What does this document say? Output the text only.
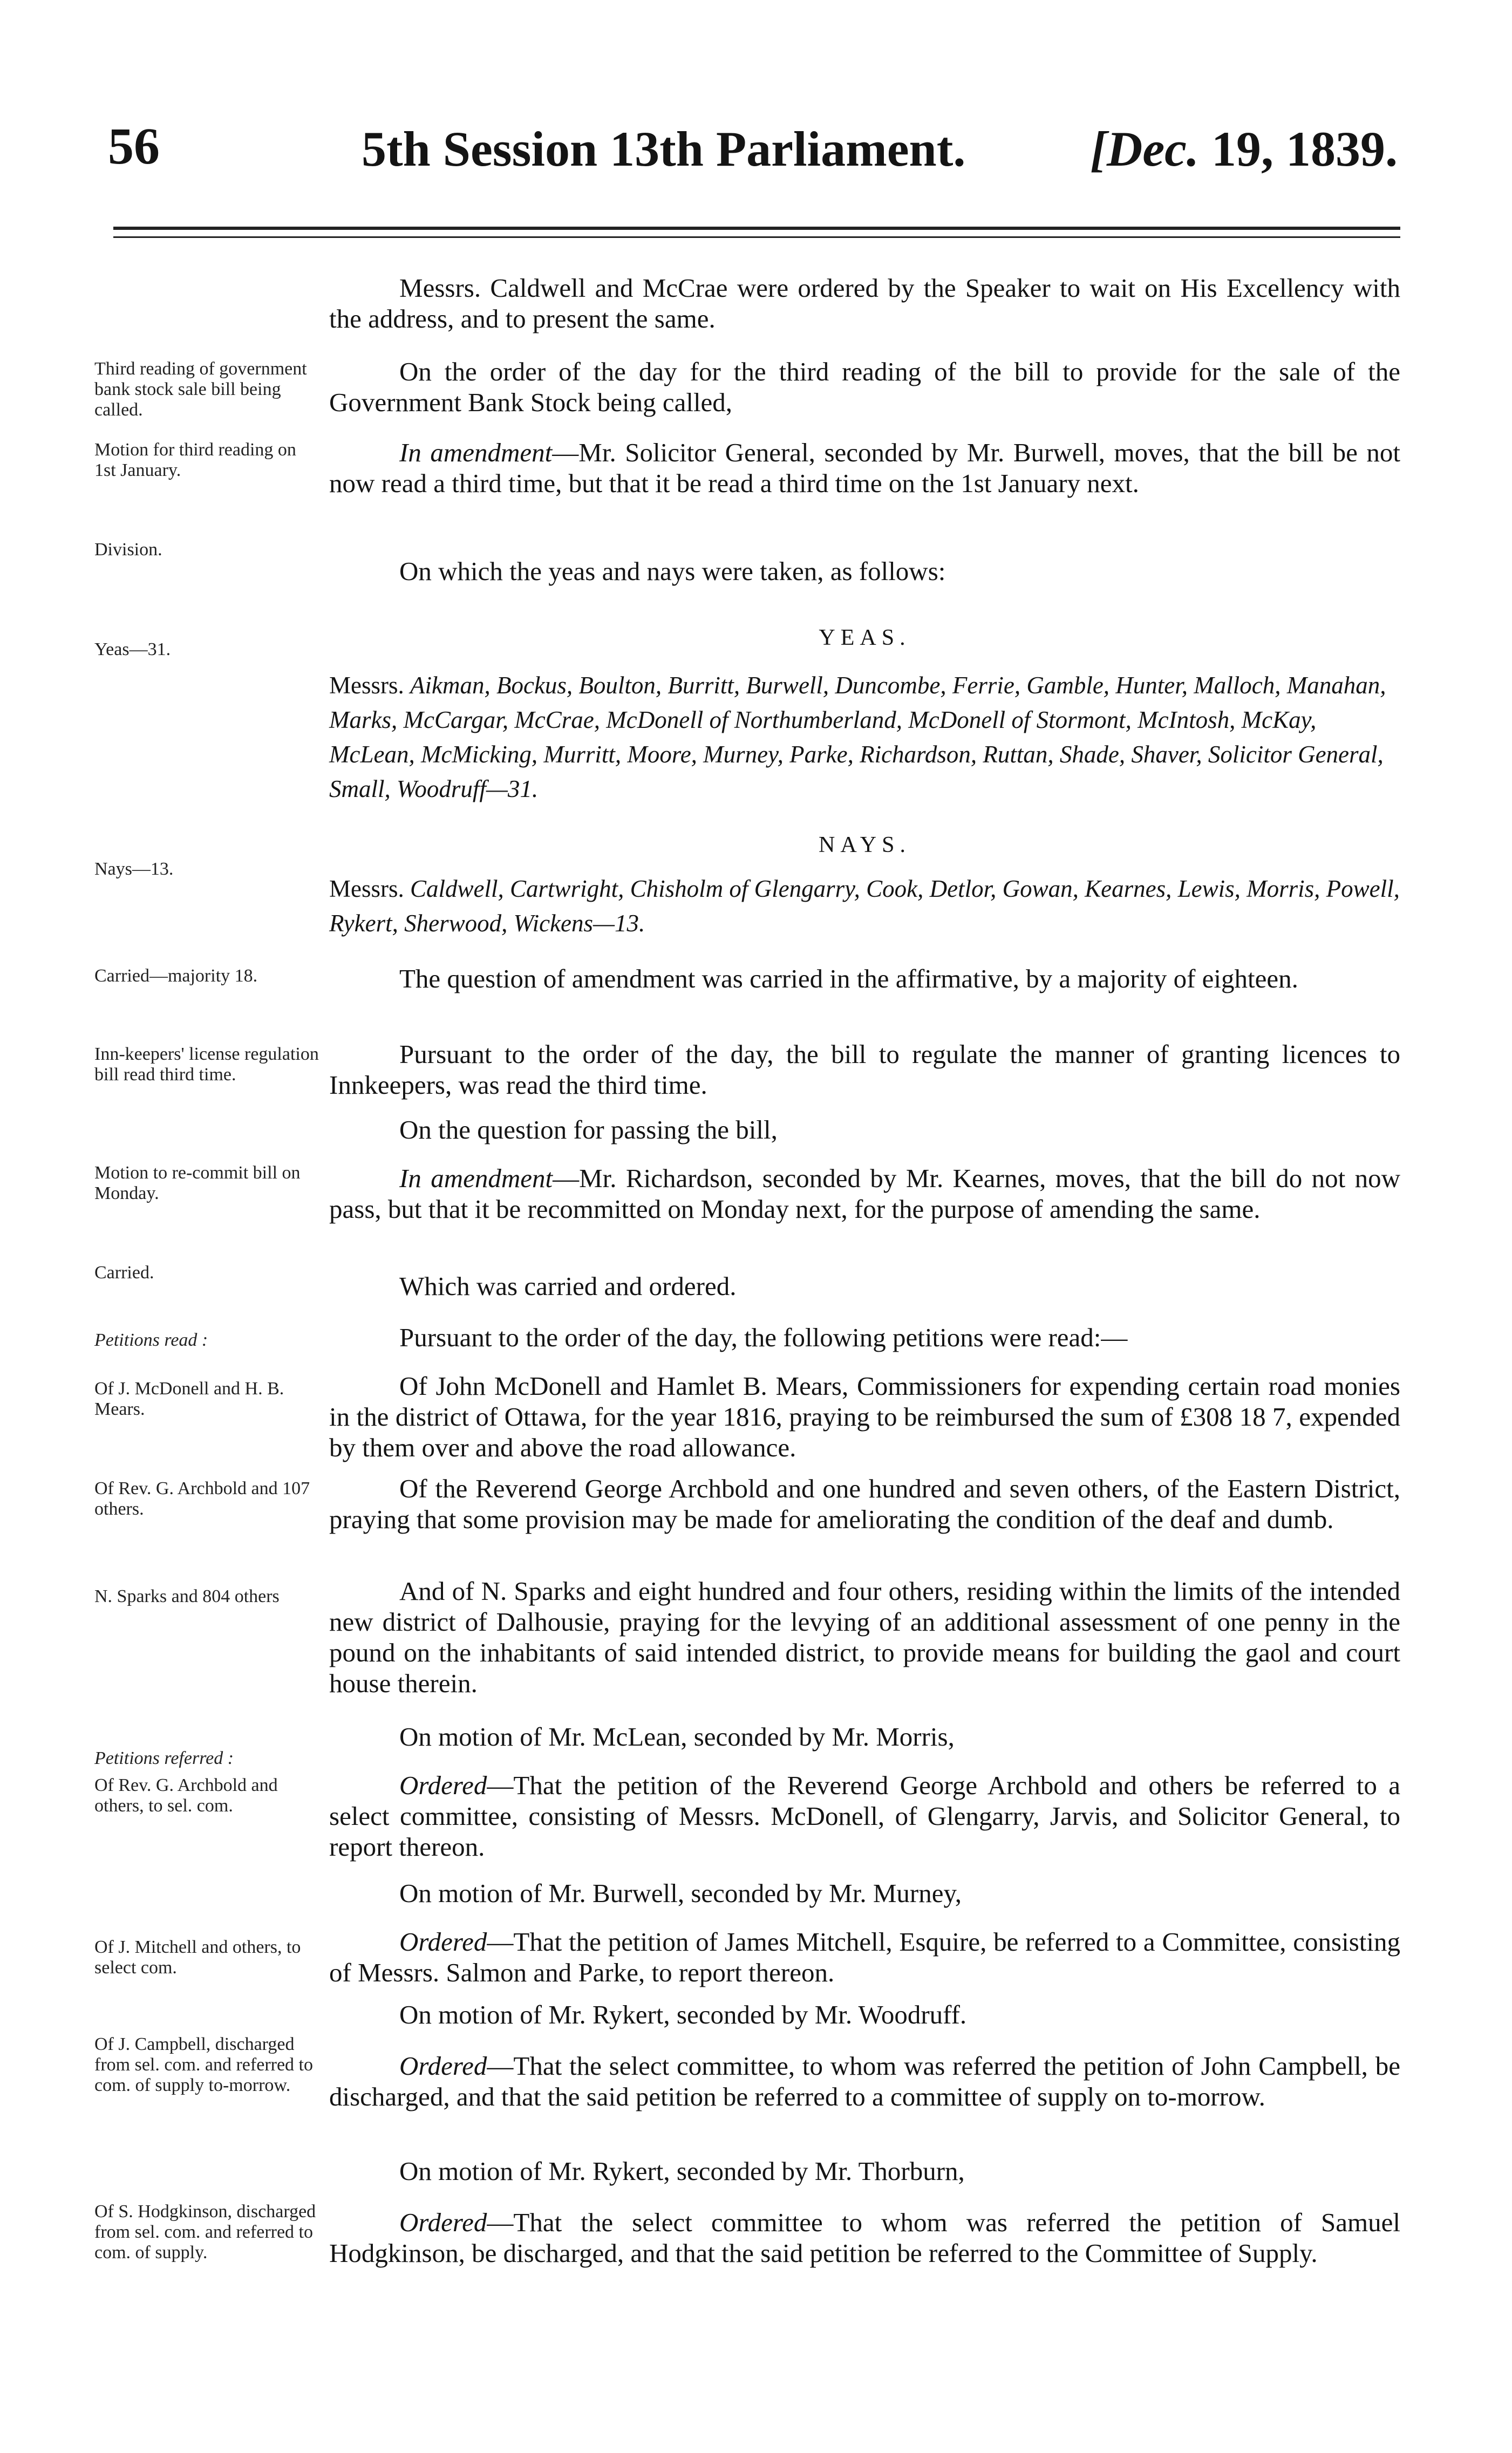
56	5th Session 13th Parliament.	[Dec. 19, 1839.
Messrs. Caldwell and McCrae were ordered by the Speaker to wait on His Excellency with the address, and to present the same.
Third reading of government bank stock sale bill being called.
On the order of the day for the third reading of the bill to provide for the sale of the Government Bank Stock being called,
Motion for third reading on 1st January.
In amendment—Mr. Solicitor General, seconded by Mr. Burwell, moves, that the bill be not now read a third time, but that it be read a third time on the 1st January next.
Division.
On which the yeas and nays were taken, as follows:
YEAS.
Yeas—31.
Messrs. Aikman, Bockus, Boulton, Burritt, Burwell, Duncombe, Ferrie, Gamble, Hunter, Malloch, Manahan, Marks, McCargar, McCrae, McDonell of Northumberland, McDonell of Stormont, McIntosh, McKay, McLean, McMicking, Murritt, Moore, Murney, Parke, Richardson, Ruttan, Shade, Shaver, Solicitor General, Small, Woodruff—31.
NAYS.
Nays—13.
Messrs. Caldwell, Cartwright, Chisholm of Glengarry, Cook, Detlor, Gowan, Kearnes, Lewis, Morris, Powell, Rykert, Sherwood, Wickens—13.
Carried—majority 18.	The question of amendment was carried in the affirmative, by a majority of eighteen.
Inn-keepers' license regulation bill read third time.
Pursuant to the order of the day, the bill to regulate the manner of granting licences to Innkeepers, was read the third time.
On the question for passing the bill,
Motion to re-commit bill on Monday.
In amendment—Mr. Richardson, seconded by Mr. Kearnes, moves, that the bill do not now pass, but that it be recommitted on Monday next, for the purpose of amending the same.
Carried.	Which was carried and ordered.
Petitions read :	Pursuant to the order of the day, the following petitions were read:—
Of J. McDonell and H. B. Mears.
Of John McDonell and Hamlet B. Mears, Commissioners for expending certain road monies in the district of Ottawa, for the year 1816, praying to be reimbursed the sum of £308 18 7, expended by them over and above the road allowance.
Of Rev. G. Archbold and 107 others.
Of the Reverend George Archbold and one hundred and seven others, of the Eastern District, praying that some provision may be made for ameliorating the condition of the deaf and dumb.
N. Sparks and 804 others	And of N. Sparks and eight hundred and four others, residing within the limits of the intended new district of Dalhousie, praying for the levying of an additional assessment of one penny in the pound on the inhabitants of said intended district, to provide means for building the gaol and court house therein.
On motion of Mr. McLean, seconded by Mr. Morris,
Petitions referred :
Of Rev. G. Archbold and others, to sel. com.
Ordered—That the petition of the Reverend George Archbold and others be referred to a select committee, consisting of Messrs. McDonell, of Glengarry, Jarvis, and Solicitor General, to report thereon.
On motion of Mr. Burwell, seconded by Mr. Murney,
Of J. Mitchell and others, to select com.
Ordered—That the petition of James Mitchell, Esquire, be referred to a Committee, consisting of Messrs. Salmon and Parke, to report thereon.
On motion of Mr. Rykert, seconded by Mr. Woodruff.
Of J. Campbell, discharged from sel. com. and referred to com. of supply to-morrow.
Ordered—That the select committee, to whom was referred the petition of John Campbell, be discharged, and that the said petition be referred to a committee of supply on to-morrow.
On motion of Mr. Rykert, seconded by Mr. Thorburn,
Of S. Hodgkinson, discharged from sel. com. and referred to com. of supply.
Ordered—That the select committee to whom was referred the petition of Samuel Hodgkinson, be discharged, and that the said petition be referred to the Committee of Supply.
